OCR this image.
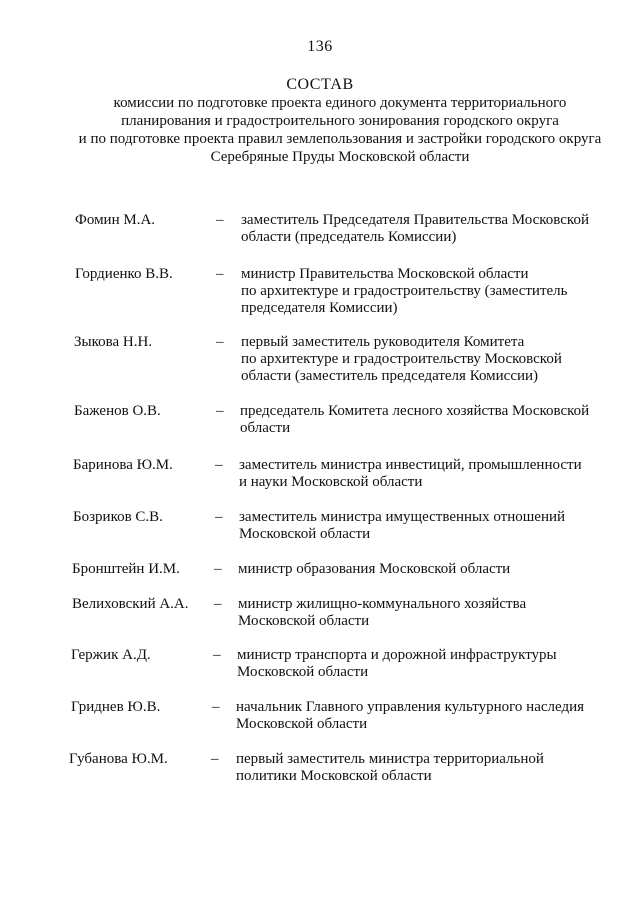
136
СОСТАВ
комиссии по подготовке проекта единого документа территориального
планирования и градостроительного зонирования городского округа
и по подготовке проекта правил землепользования и застройки городского округа
Серебряные Пруды Московской области
Фомин М.А.	– заместитель Председателя Правительства Московской
области (председатель Комиссии)
Гордиенко В.В.	– министр Правительства Московской области
по архитектуре и градостроительству (заместитель
председателя Комиссии)
Зыкова Н.Н.	– первый заместитель руководителя Комитета
по архитектуре и градостроительству Московской
области (заместитель председателя Комиссии)
Баженов О.В.	– председатель Комитета лесного хозяйства Московской
области
Баринова Ю.М.	– заместитель министра инвестиций, промышленности
и науки Московской области
Бозриков С.В.	– заместитель министра имущественных отношений
Московской области
Бронштейн И.М. – министр образования Московской области
Велиховский А.А. – министр жилищно-коммунального хозяйства
Московской области
Гержик А.Д.	– министр транспорта и дорожной инфраструктуры
Московской области
Гриднев Ю.В.	– начальник Главного управления культурного наследия
Московской области
Губанова Ю.М.	– первый заместитель министра территориальной
политики Московской области
